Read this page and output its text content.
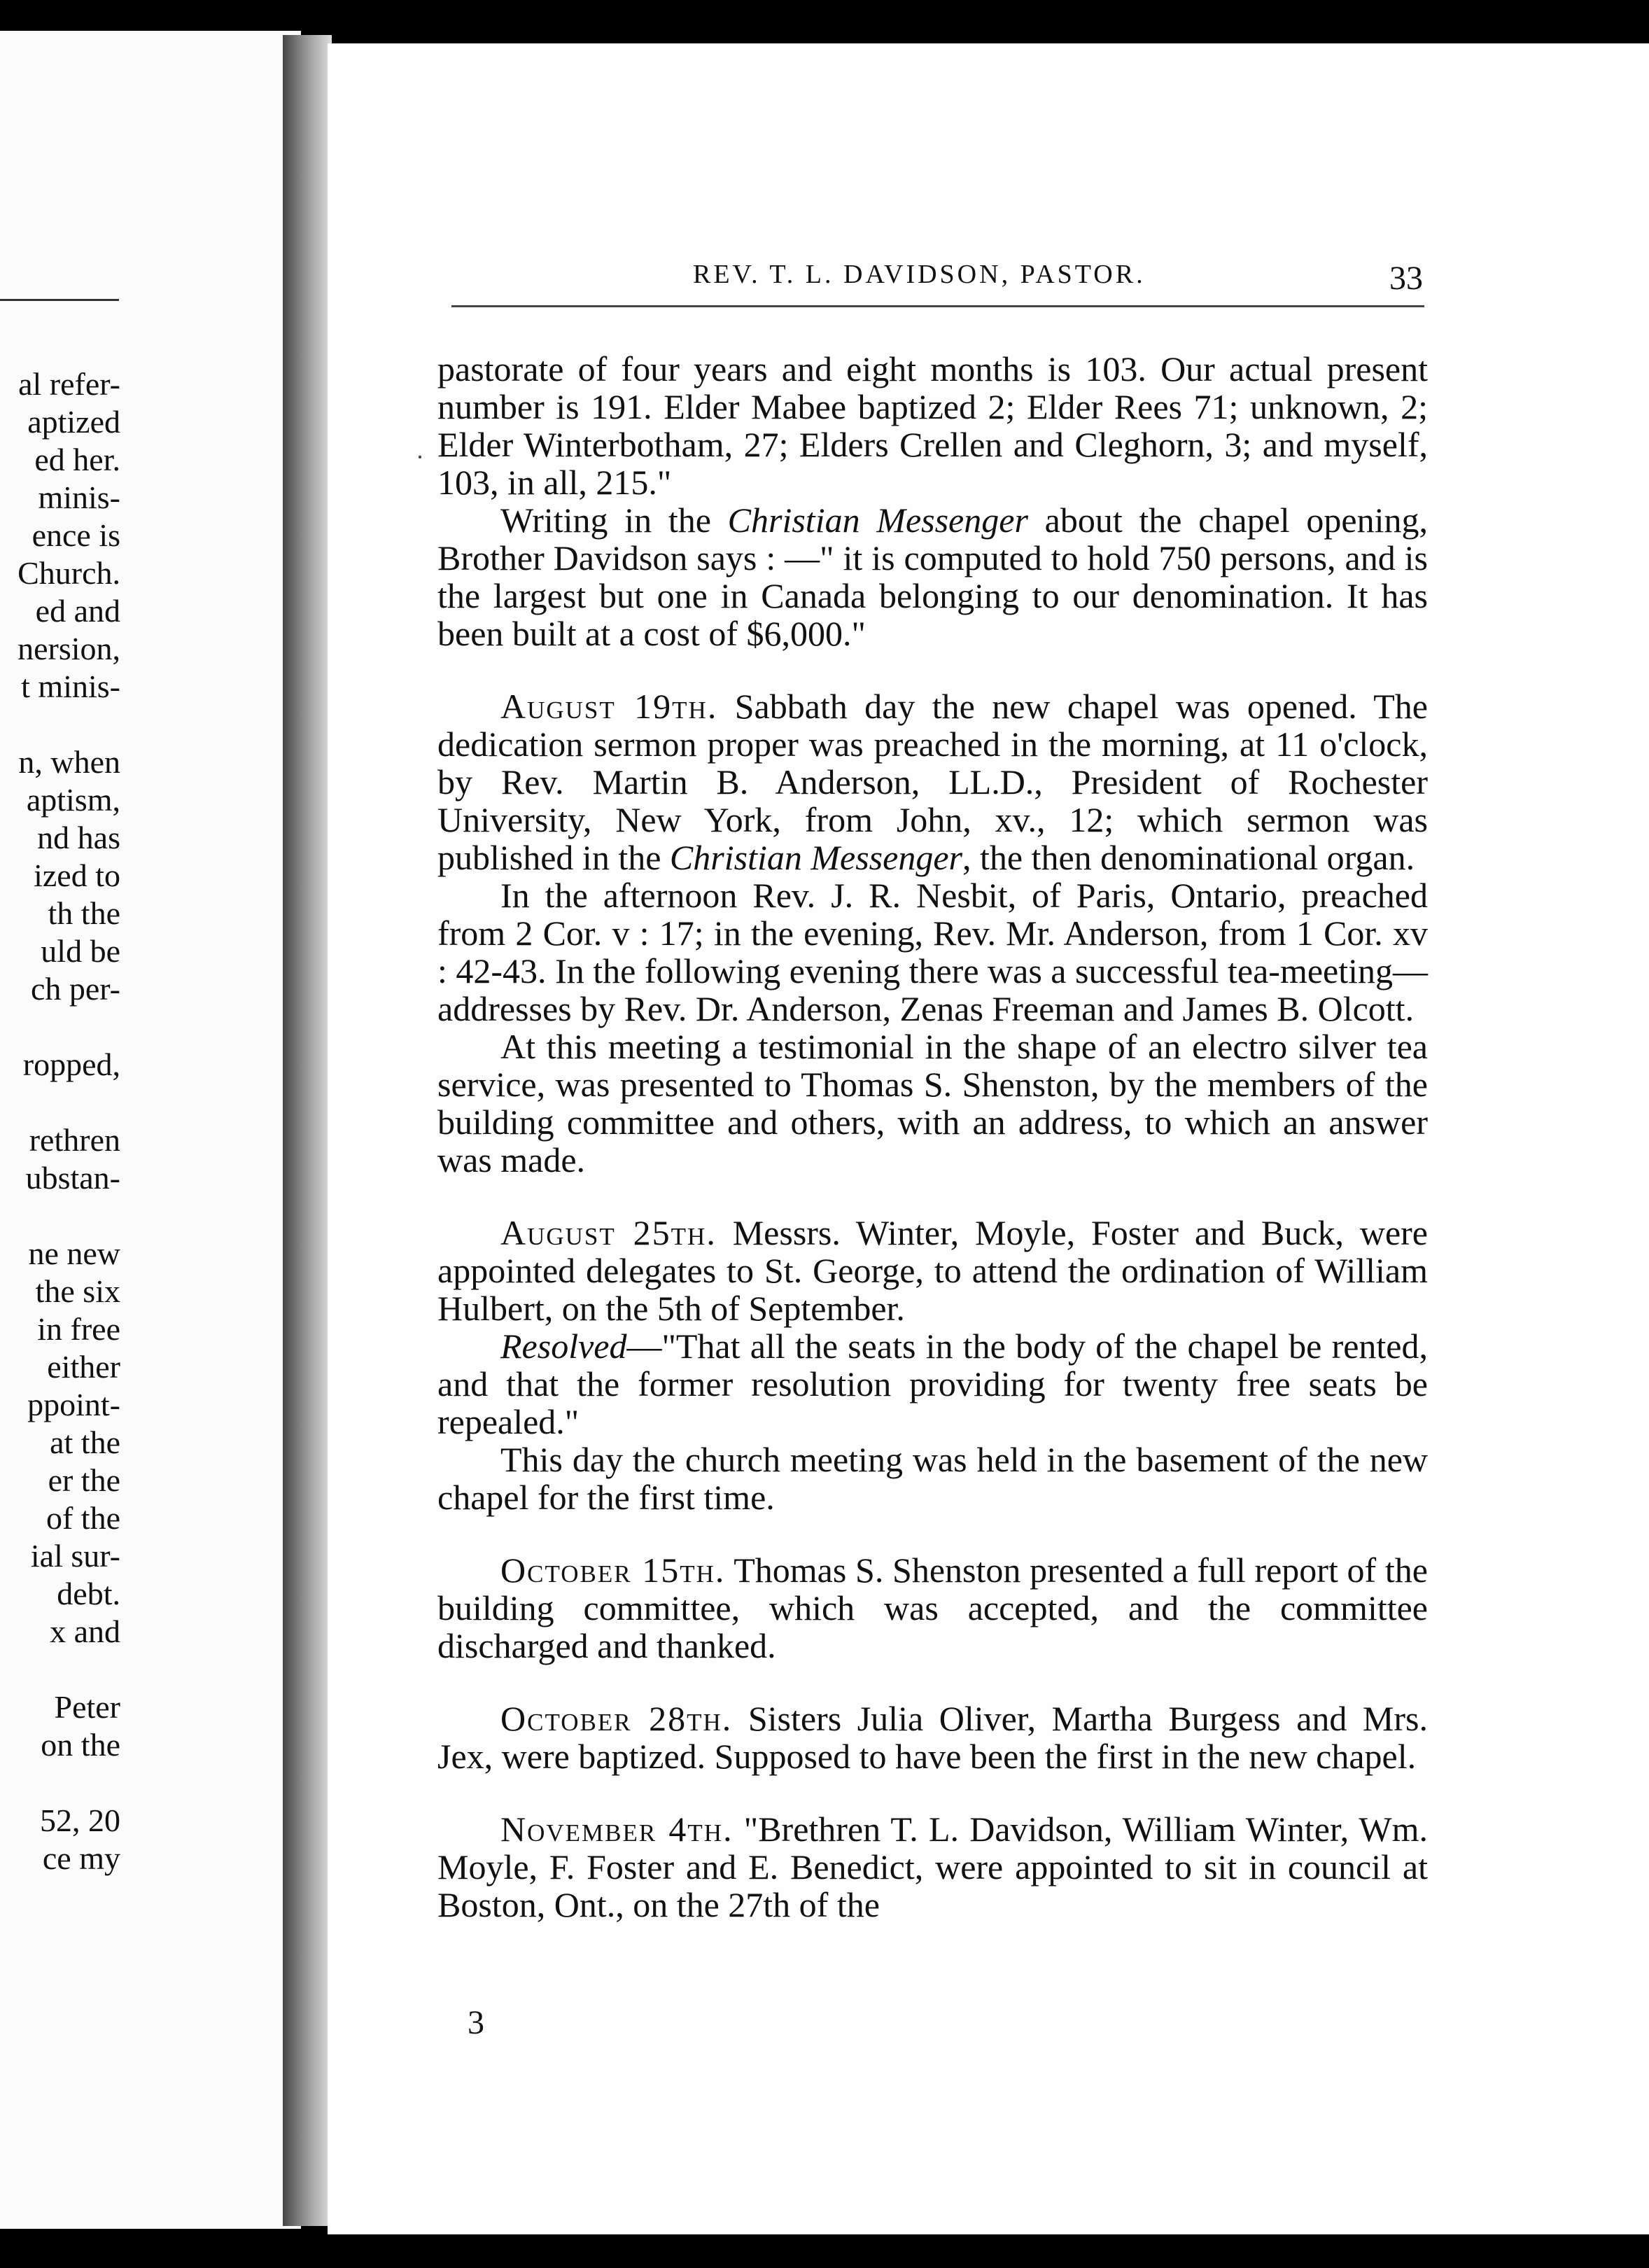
al refer-
aptized
ed her.
minis-
ence is
Church.
ed and
nersion,
t minis-
n, when
aptism,
nd has
ized to
th the
uld be
ch per-
ropped,
rethren
ubstan-
ne new
the six
in free
either
ppoint-
at the
er the
of the
ial sur-
debt.
x and
Peter
on the
52, 20
ce my
REV. T. L. DAVIDSON, PASTOR.	33
·

pastorate of four years and eight months is 103. Our actual present number is 191. Elder Mabee baptized 2; Elder Rees 71; unknown, 2; Elder Winterbotham, 27; Elders Crellen and Cleghorn, 3; and myself, 103, in all, 215."

Writing in the Christian Messenger about the chapel opening, Brother Davidson says : —" it is computed to hold 750 persons, and is the largest but one in Canada belonging to our denomination. It has been built at a cost of $6,000."

August 19th. Sabbath day the new chapel was opened. The dedication sermon proper was preached in the morning, at 11 o'clock, by Rev. Martin B. Anderson, LL.D., President of Rochester University, New York, from John, xv., 12; which sermon was published in the Christian Messenger, the then denominational organ.

In the afternoon Rev. J. R. Nesbit, of Paris, Ontario, preached from 2 Cor. v : 17; in the evening, Rev. Mr. Anderson, from 1 Cor. xv : 42-43. In the following evening there was a successful tea-meeting—addresses by Rev. Dr. Anderson, Zenas Freeman and James B. Olcott.

At this meeting a testimonial in the shape of an electro silver tea service, was presented to Thomas S. Shenston, by the members of the building committee and others, with an address, to which an answer was made.

August 25th. Messrs. Winter, Moyle, Foster and Buck, were appointed delegates to St. George, to attend the ordination of William Hulbert, on the 5th of September.

Resolved—"That all the seats in the body of the chapel be rented, and that the former resolution providing for twenty free seats be repealed."

This day the church meeting was held in the basement of the new chapel for the first time.

October 15th. Thomas S. Shenston presented a full report of the building committee, which was accepted, and the committee discharged and thanked.

October 28th. Sisters Julia Oliver, Martha Burgess and Mrs. Jex, were baptized. Supposed to have been the first in the new chapel.

November 4th. "Brethren T. L. Davidson, William Winter, Wm. Moyle, F. Foster and E. Benedict, were appointed to sit in council at Boston, Ont., on the 27th of the

3
